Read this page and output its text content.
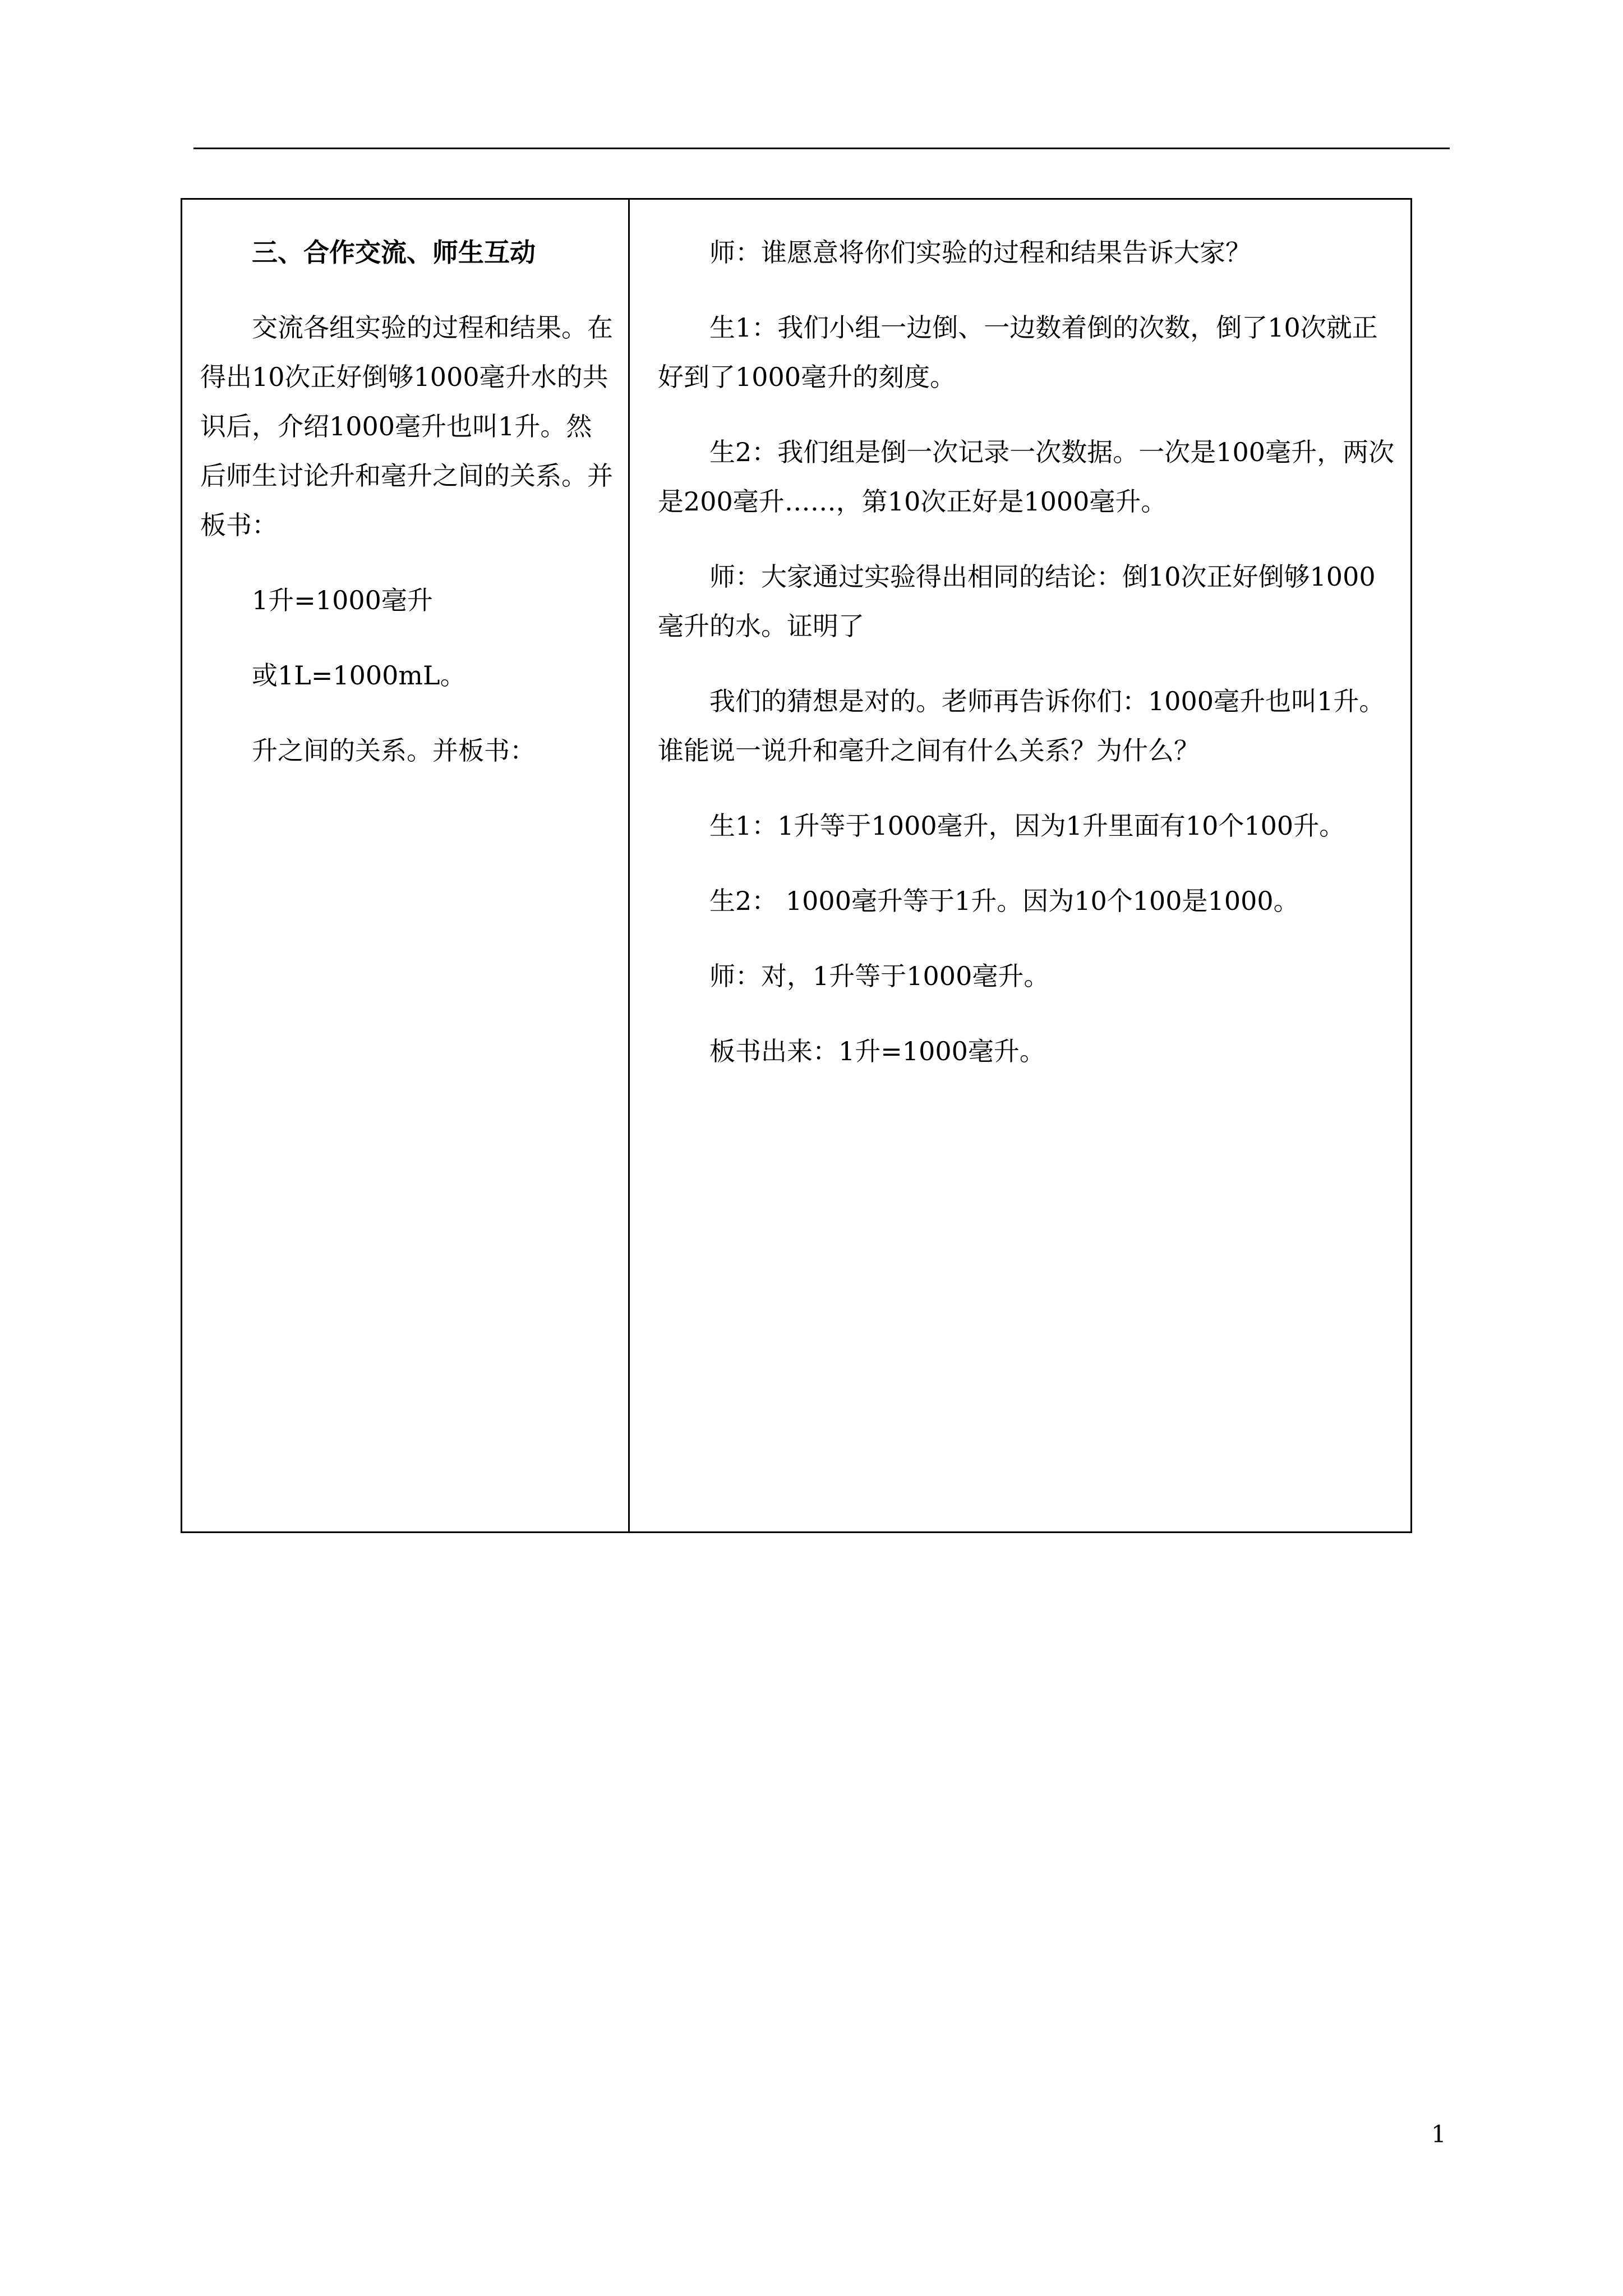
三、合作交流、师生互动

交流各组实验的过程和结果。在得出10次正好倒够1000毫升水的共识后，介绍1000毫升也叫1升。然后师生讨论升和毫升之间的关系。并板书：

1升=1000毫升

或1L=1000mL。

升之间的关系。并板书：

师：谁愿意将你们实验的过程和结果告诉大家？

生1：我们小组一边倒、一边数着倒的次数，倒了10次就正好到了1000毫升的刻度。

生2：我们组是倒一次记录一次数据。一次是100毫升，两次是200毫升……，第10次正好是1000毫升。

师：大家通过实验得出相同的结论：倒10次正好倒够1000毫升的水。证明了

我们的猜想是对的。老师再告诉你们：1000毫升也叫1升。谁能说一说升和毫升之间有什么关系？为什么？

生1：1升等于1000毫升，因为1升里面有10个100升。

生2： 1000毫升等于1升。因为10个100是1000。

师：对，1升等于1000毫升。

板书出来：1升=1000毫升。

1
